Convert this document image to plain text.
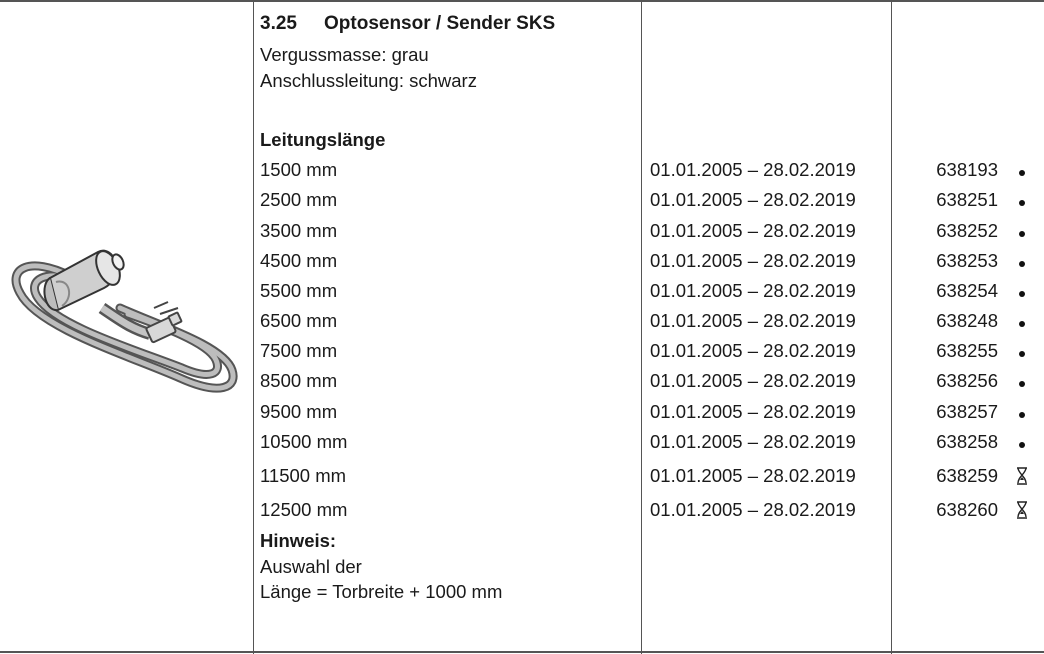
3.25 Optosensor / Sender SKS
Vergussmasse: grau
Anschlussleitung: schwarz
Leitungslänge
1500 mm
2500 mm
3500 mm
4500 mm
5500 mm
6500 mm
7500 mm
8500 mm
9500 mm
10500 mm
11500 mm
12500 mm
Hinweis:
Auswahl der
Länge = Torbreite + 1000 mm
01.01.2005 – 28.02.2019
01.01.2005 – 28.02.2019
01.01.2005 – 28.02.2019
01.01.2005 – 28.02.2019
01.01.2005 – 28.02.2019
01.01.2005 – 28.02.2019
01.01.2005 – 28.02.2019
01.01.2005 – 28.02.2019
01.01.2005 – 28.02.2019
01.01.2005 – 28.02.2019
01.01.2005 – 28.02.2019
01.01.2005 – 28.02.2019
638193
638251
638252
638253
638254
638248
638255
638256
638257
638258
638259
638260
